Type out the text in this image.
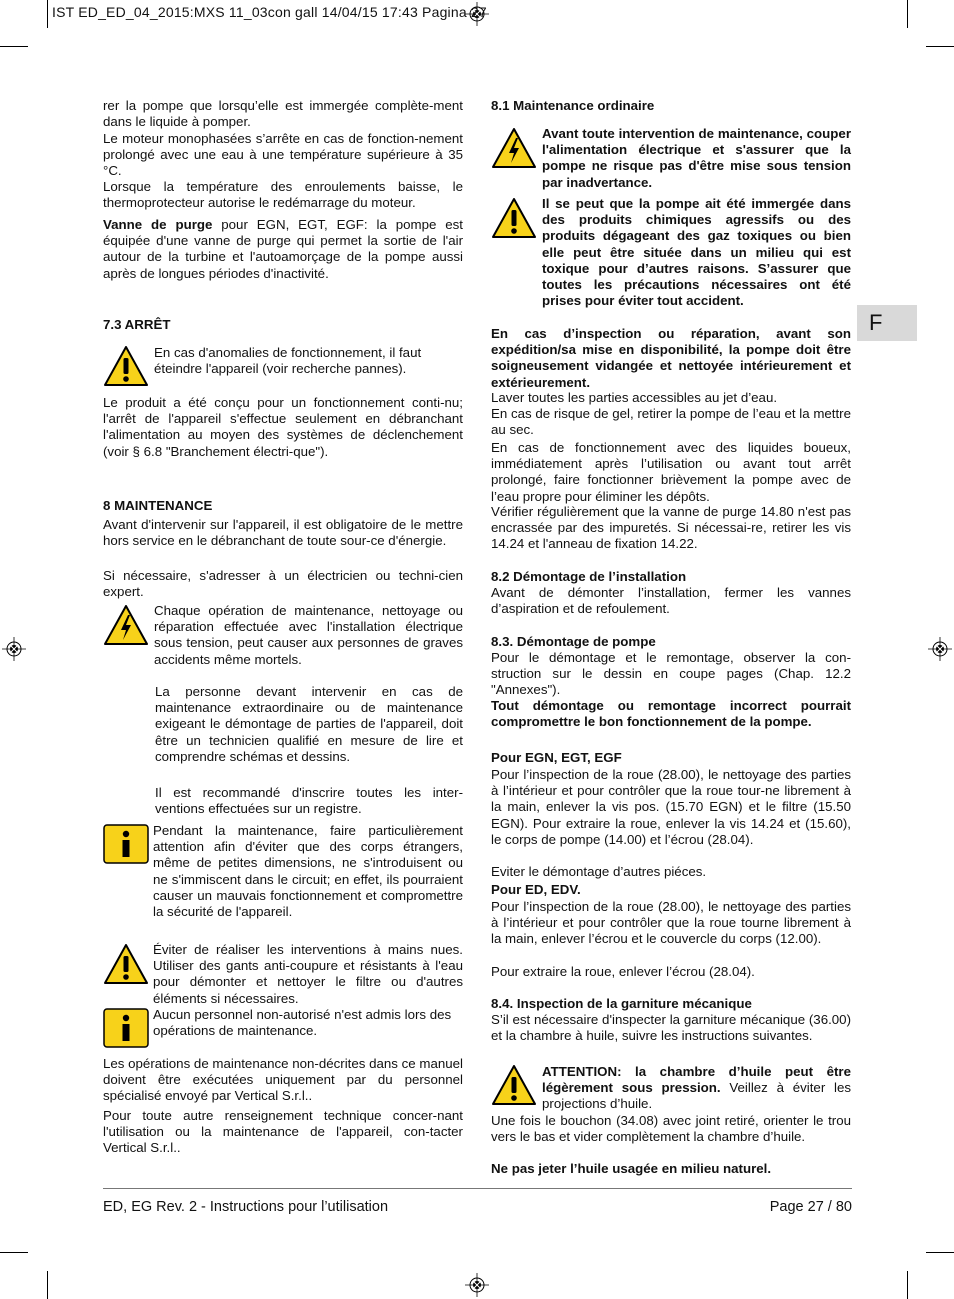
IST ED_ED_04_2015:MXS 11_03con gall 14/04/15 17:43 Pagina 27
F
rer la pompe que lorsqu’elle est immergée complète-ment dans le liquide à pomper.
Le moteur monophasées s’arrête en cas de fonction-nement prolongé avec une eau à une température supérieure à 35 °C.
Lorsque la température des enroulements baisse, le thermoprotecteur autorise le redémarrage du moteur.
Vanne de purge pour EGN, EGT, EGF: la pompe est équipée d'une vanne de purge qui permet la sortie de l'air autour de la turbine et l'autoamorçage de la pompe aussi après de longues périodes d'inactivité.
7.3 ARRÊT
En cas d'anomalies de fonctionnement, il faut éteindre l'appareil (voir recherche pannes).
Le produit a été conçu pour un fonctionnement conti-nu; l'arrêt de l'appareil s'effectue seulement en débranchant l'alimentation au moyen des systèmes de déclenchement (voir § 6.8 "Branchement électri-que").
8 MAINTENANCE
Avant d'intervenir sur l'appareil, il est obligatoire de le mettre hors service en le débranchant de toute sour-ce d'énergie.
Si nécessaire, s'adresser à un électricien ou techni-cien expert.
Chaque opération de maintenance, nettoyage ou réparation effectuée avec l'installation électrique sous tension, peut causer aux personnes de graves accidents même mortels.
La personne devant intervenir en cas de maintenance extraordinaire ou de maintenance exigeant le démontage de parties de l'appareil, doit être un technicien qualifié en mesure de lire et comprendre schémas et dessins.
Il est recommandé d'inscrire toutes les inter-ventions effectuées sur un registre.
Pendant la maintenance, faire particulièrement attention afin d'éviter que des corps étrangers, même de petites dimensions, ne s'introduisent ou ne s'immiscent dans le circuit; en effet, ils pourraient causer un mauvais fonctionnement et compromettre la sécurité de l'appareil.
Éviter de réaliser les interventions à mains nues. Utiliser des gants anti-coupure et résistants à l'eau pour démonter et nettoyer le filtre ou d'autres éléments si nécessaires.
Aucun personnel non-autorisé n'est admis lors des opérations de maintenance.
Les opérations de maintenance non-décrites dans ce manuel doivent être exécutées uniquement par du personnel spécialisé envoyé par Vertical S.r.l..
Pour toute autre renseignement technique concer-nant l'utilisation ou la maintenance de l'appareil, con-tacter Vertical S.r.l..
8.1 Maintenance ordinaire
Avant toute intervention de maintenance, couper l'alimentation électrique et s'assurer que la pompe ne risque pas d'être mise sous tension par inadvertance.
Il se peut que la pompe ait été immergée dans des produits chimiques agressifs ou des produits dégageant des gaz toxiques ou bien elle peut être située dans un milieu qui est toxique pour d’autres raisons. S’assurer que toutes les précautions nécessaires ont été prises pour éviter tout accident.
En cas d’inspection ou réparation, avant son expédition/sa mise en disponibilité, la pompe doit être soigneusement vidangée et nettoyée intérieurement et extérieurement.
Laver toutes les parties accessibles au jet d’eau.
En cas de risque de gel, retirer la pompe de l’eau et la mettre au sec.
En cas de fonctionnement avec des liquides boueux, immédiatement après l’utilisation ou avant tout arrêt prolongé, faire fonctionner brièvement la pompe avec de l’eau propre pour éliminer les dépôts.
Vérifier régulièrement que la vanne de purge 14.80 n'est pas encrassée par des impuretés. Si nécessai-re, retirer les vis 14.24 et l'anneau de fixation 14.22.
8.2 Démontage de l’installation
Avant de démonter l’installation, fermer les vannes d’aspiration et de refoulement.
8.3. Démontage de pompe
Pour le démontage et le remontage, observer la con-struction sur le dessin en coupe pages (Chap. 12.2 "Annexes").
Tout démontage ou remontage incorrect pourrait compromettre le bon fonctionnement de la pompe.
Pour EGN, EGT, EGF
Pour l’inspection de la roue (28.00), le nettoyage des parties à l’intérieur et pour contrôler que la roue tour-ne librement à la main, enlever la vis pos. (15.70 EGN) et le filtre (15.50 EGN). Pour extraire la roue, enlever la vis 14.24 et (15.60), le corps de pompe (14.00) et l’écrou (28.04).
Eviter le démontage d’autres piéces.
Pour ED, EDV.
Pour l’inspection de la roue (28.00), le nettoyage des parties à l’intérieur et pour contrôler que la roue tourne librement à la main, enlever l’écrou et le couvercle du corps (12.00).
Pour extraire la roue, enlever l’écrou (28.04).
8.4. Inspection de la garniture mécanique
S’il est nécessaire d'inspecter la garniture mécanique (36.00) et la chambre à huile, suivre les instructions suivantes.
ATTENTION: la chambre d’huile peut être légèrement sous pression. Veillez à éviter les projections d’huile.
Une fois le bouchon (34.08) avec joint retiré, orienter le trou vers le bas et vider complètement la chambre d’huile.
Ne pas jeter l’huile usagée en milieu naturel.
ED, EG Rev. 2 - Instructions pour l’utilisation	Page 27 / 80
